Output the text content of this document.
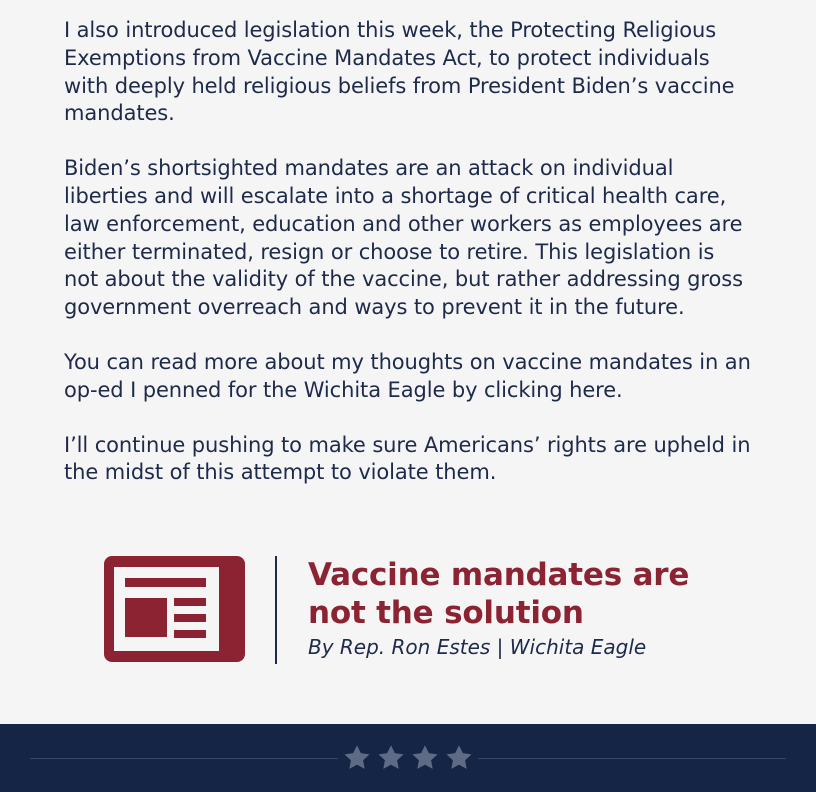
I also introduced legislation this week, the Protecting Religious Exemptions from Vaccine Mandates Act, to protect individuals with deeply held religious beliefs from President Biden’s vaccine mandates.

Biden’s shortsighted mandates are an attack on individual liberties and will escalate into a shortage of critical health care, law enforcement, education and other workers as employees are either terminated, resign or choose to retire. This legislation is not about the validity of the vaccine, but rather addressing gross government overreach and ways to prevent it in the future.

You can read more about my thoughts on vaccine mandates in an op-ed I penned for the Wichita Eagle by clicking here.

I’ll continue pushing to make sure Americans’ rights are upheld in the midst of this attempt to violate them.

Vaccine mandates are not the solution

By Rep. Ron Estes | Wichita Eagle
